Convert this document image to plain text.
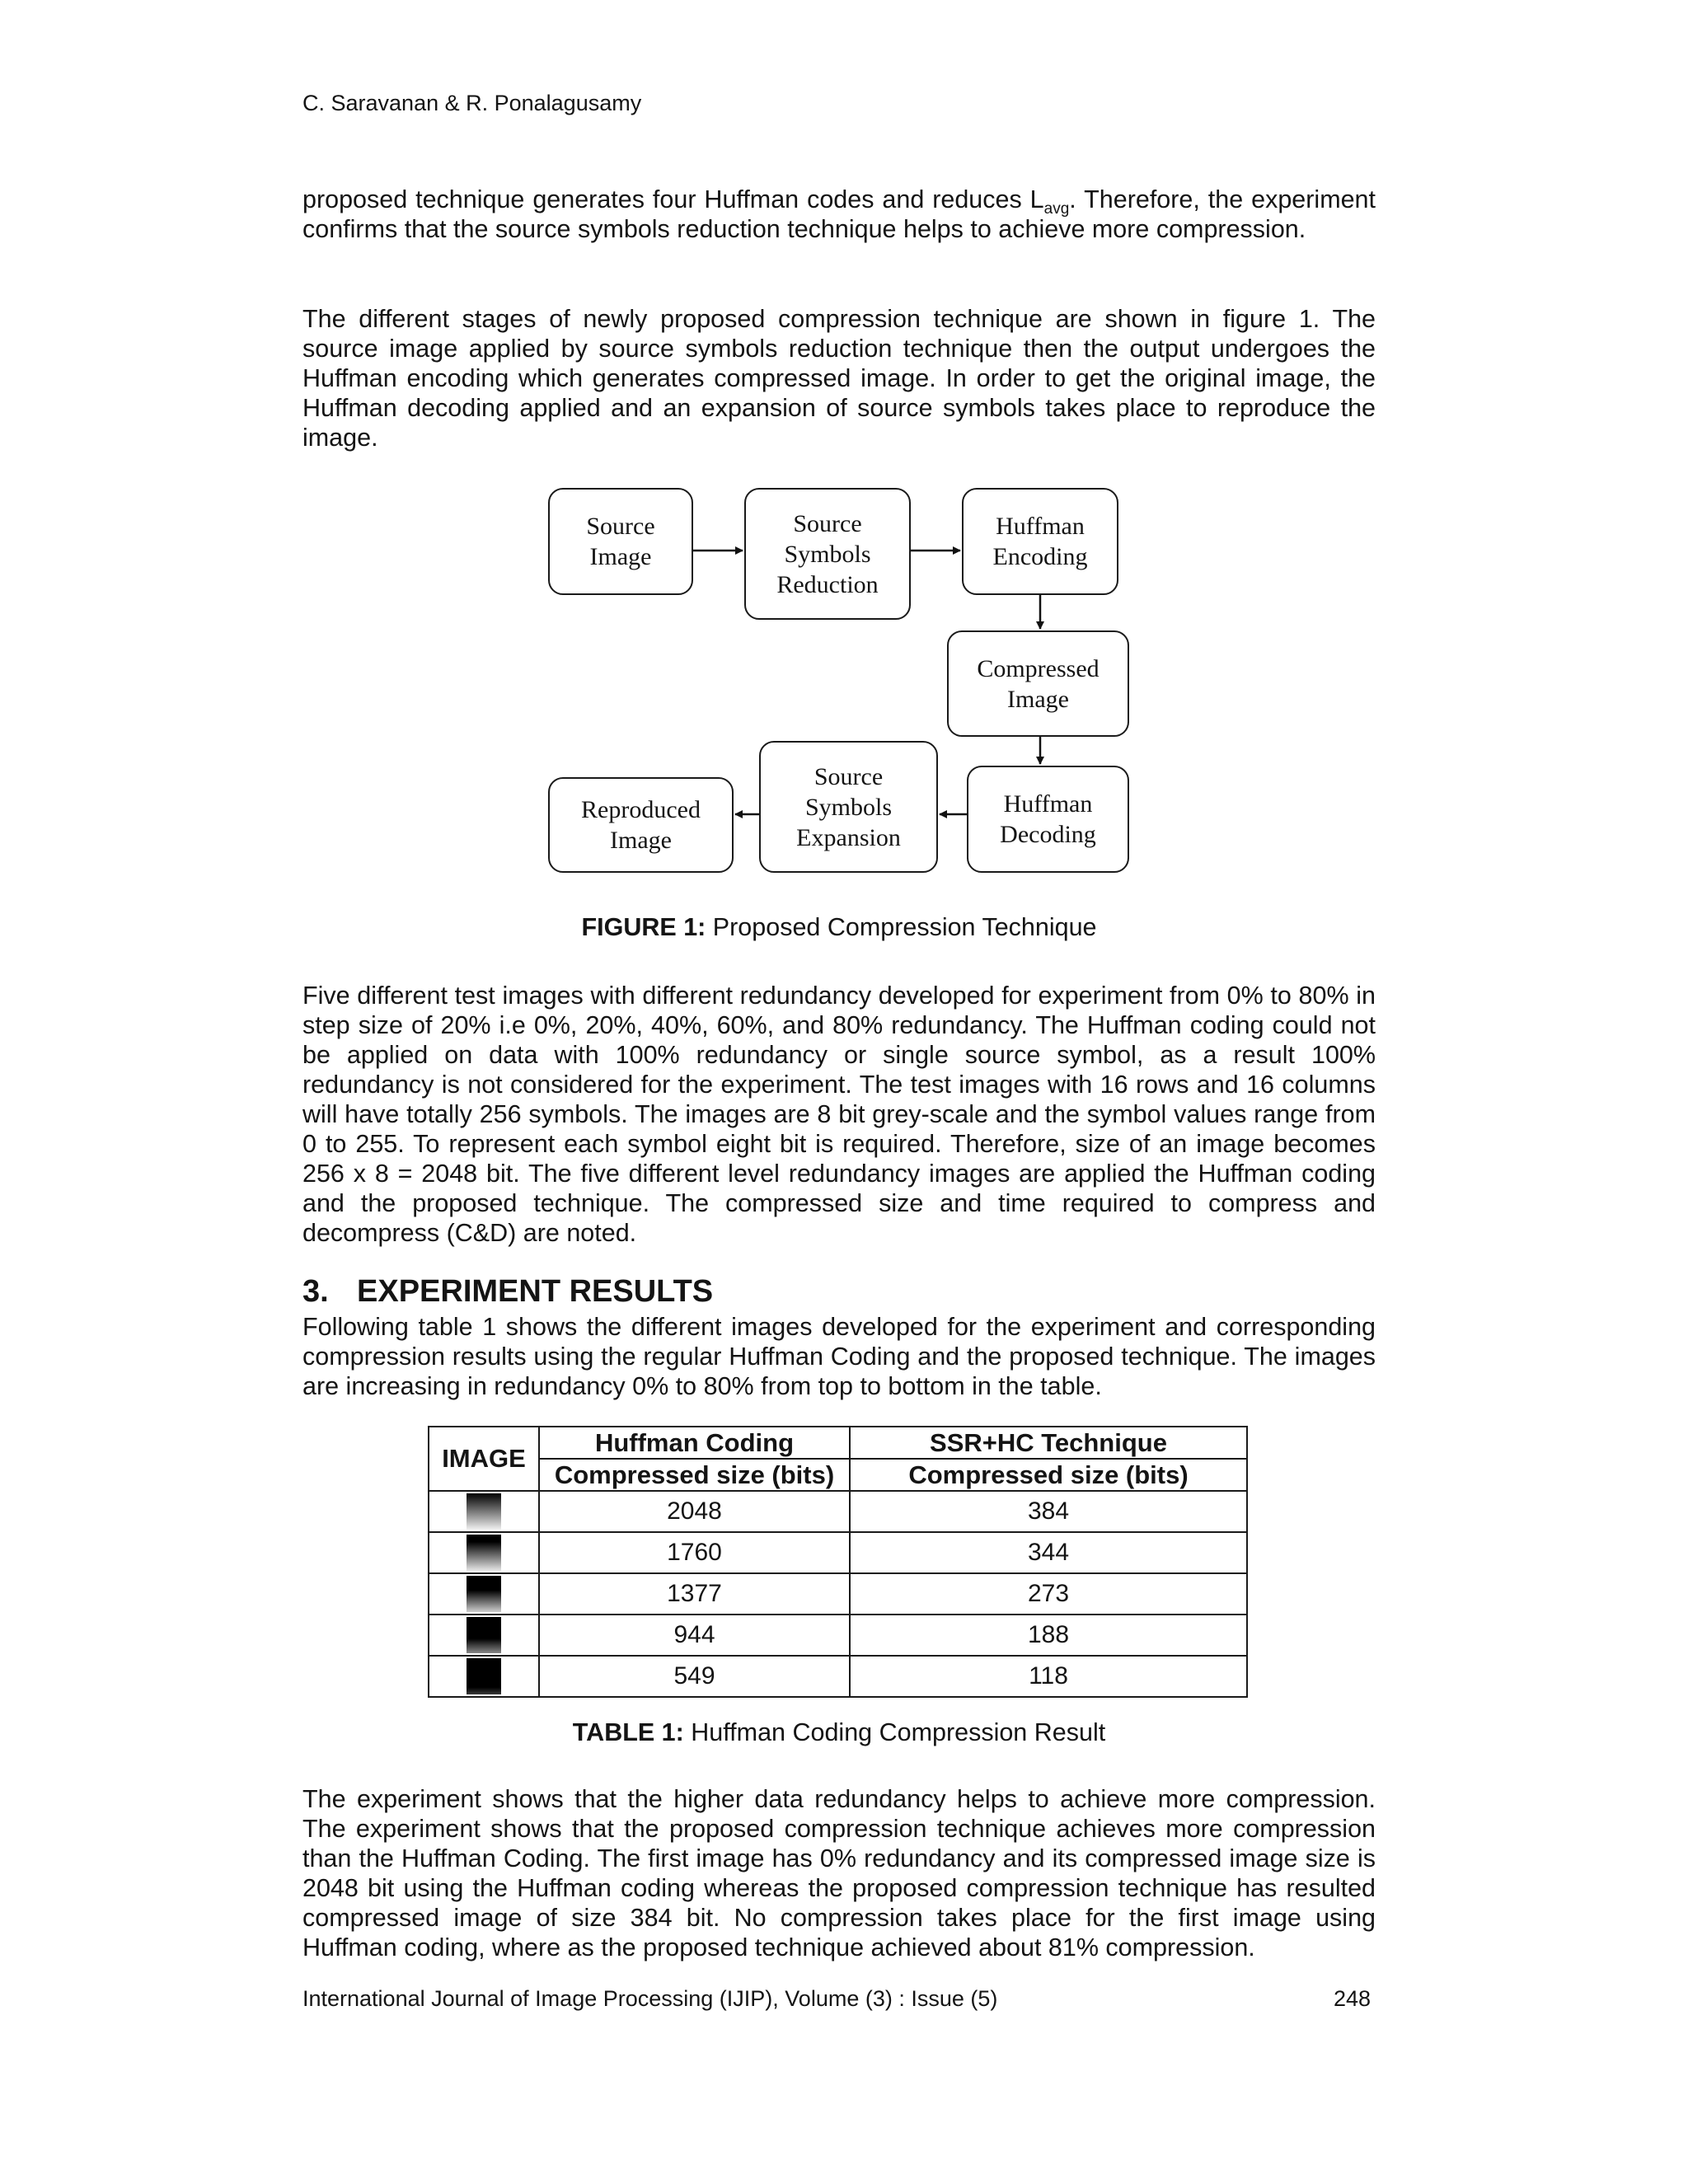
C. Saravanan & R. Ponalagusamy

proposed technique generates four Huffman codes and reduces $L_{avg}$. Therefore, the experiment confirms that the source symbols reduction technique helps to achieve more compression.

The different stages of newly proposed compression technique are shown in figure 1. The source image applied by source symbols reduction technique then the output undergoes the Huffman encoding which generates compressed image. In order to get the original image, the Huffman decoding applied and an expansion of source symbols takes place to reproduce the image.

Source
Image
Source
Symbols
Reduction
Huffman
Encoding
Compressed
Image
Huffman
Decoding
Source
Symbols
Expansion
Reproduced
Image
FIGURE 1: Proposed Compression Technique

Five different test images with different redundancy developed for experiment from 0% to 80% in step size of 20% i.e 0%, 20%, 40%, 60%, and 80% redundancy. The Huffman coding could not be applied on data with 100% redundancy or single source symbol, as a result 100% redundancy is not considered for the experiment. The test images with 16 rows and 16 columns will have totally 256 symbols. The images are 8 bit grey-scale and the symbol values range from 0 to 255. To represent each symbol eight bit is required. Therefore, size of an image becomes 256 x 8 = 2048 bit. The five different level redundancy images are applied the Huffman coding and the proposed technique. The compressed size and time required to compress and decompress (C&D) are noted.

3. EXPERIMENT RESULTS

Following table 1 shows the different images developed for the experiment and corresponding compression results using the regular Huffman Coding and the proposed technique. The images are increasing in redundancy 0% to 80% from top to bottom in the table.

IMAGE	Huffman Coding	SSR+HC Technique
	Compressed size (bits)	Compressed size (bits)

	2048	384

	1760	344

	1377	273

	944	188

	549	118
TABLE 1: Huffman Coding Compression Result

The experiment shows that the higher data redundancy helps to achieve more compression. The experiment shows that the proposed compression technique achieves more compression than the Huffman Coding. The first image has 0% redundancy and its compressed image size is 2048 bit using the Huffman coding whereas the proposed compression technique has resulted compressed image of size 384 bit. No compression takes place for the first image using Huffman coding, where as the proposed technique achieved about 81% compression.

International Journal of Image Processing (IJIP), Volume (3) : Issue (5)	248
